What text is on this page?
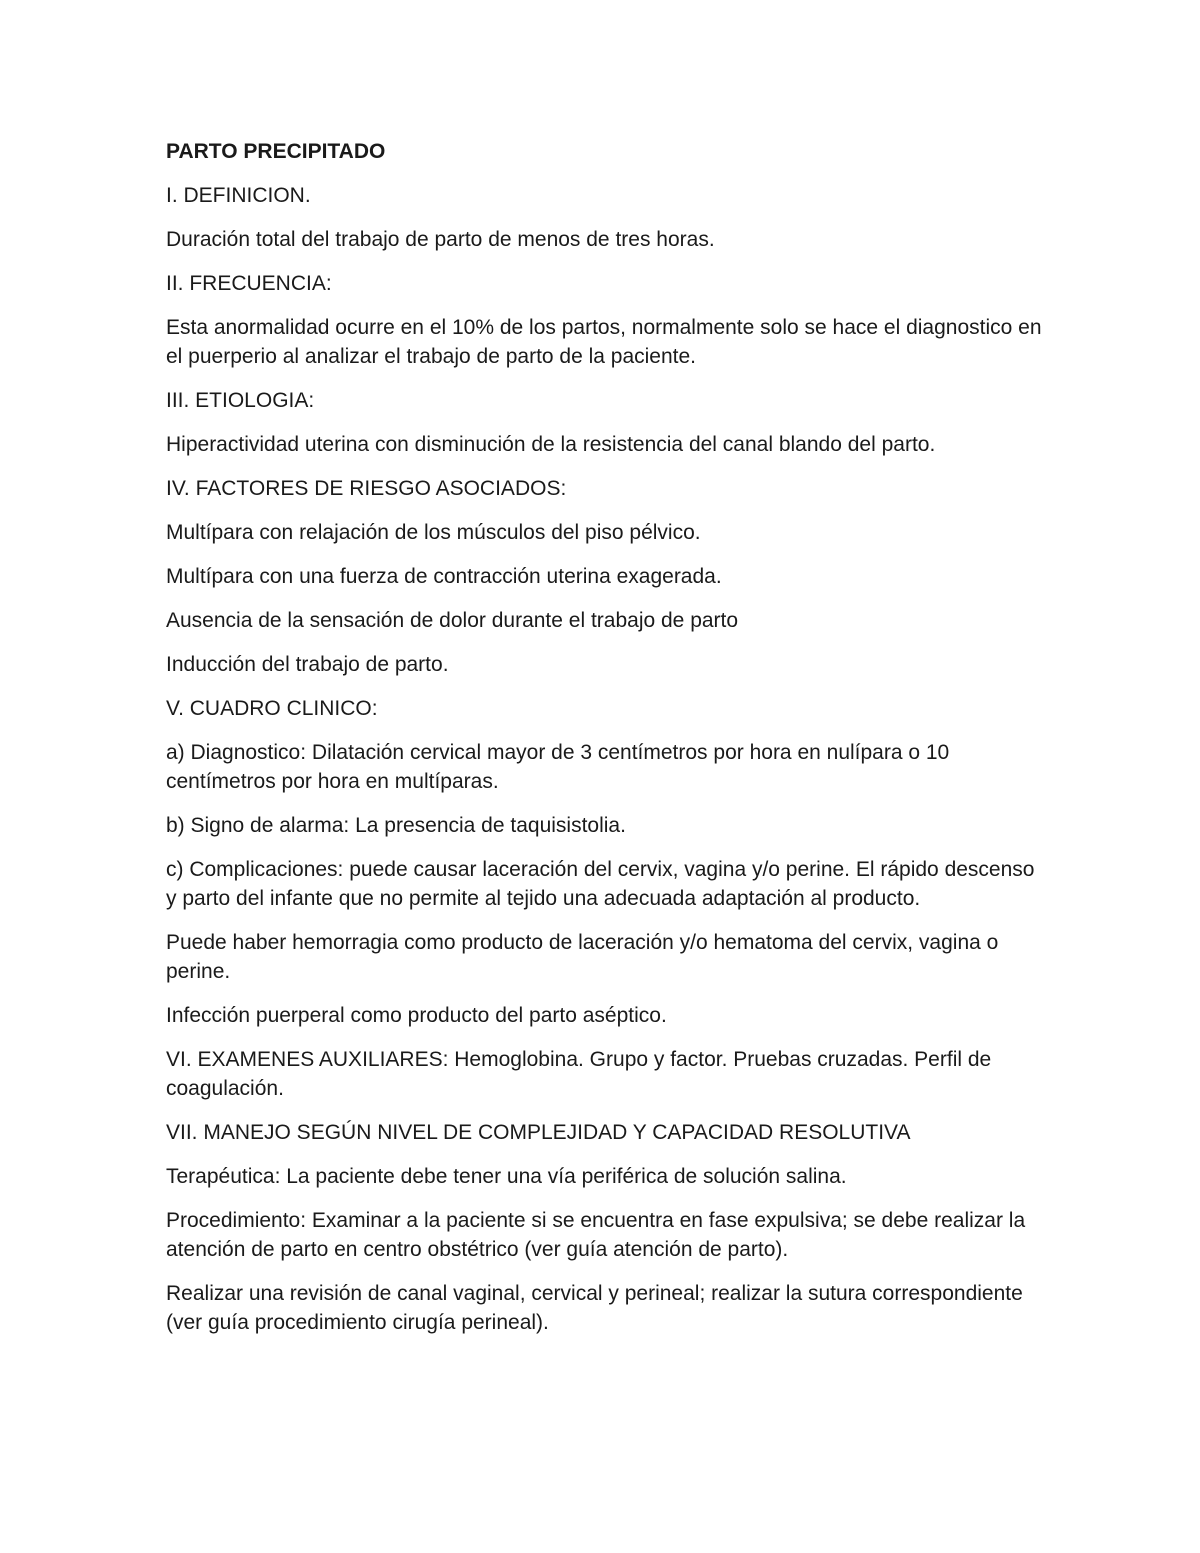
PARTO PRECIPITADO

I. DEFINICION.

Duración total del trabajo de parto de menos de tres horas.

II. FRECUENCIA:

Esta anormalidad ocurre en el 10% de los partos, normalmente solo se hace el diagnostico en el puerperio al analizar el trabajo de parto de la paciente.

III. ETIOLOGIA:

Hiperactividad uterina con disminución de la resistencia del canal blando del parto.

IV. FACTORES DE RIESGO ASOCIADOS:

Multípara con relajación de los músculos del piso pélvico.

Multípara con una fuerza de contracción uterina exagerada.

Ausencia de la sensación de dolor durante el trabajo de parto

Inducción del trabajo de parto.

V. CUADRO CLINICO:

a) Diagnostico: Dilatación cervical mayor de 3 centímetros por hora en nulípara o 10 centímetros por hora en multíparas.

b) Signo de alarma: La presencia de taquisistolia.

c) Complicaciones: puede causar laceración del cervix, vagina y/o perine. El rápido descenso y parto del infante que no permite al tejido una adecuada adaptación al producto.

Puede haber hemorragia como producto de laceración y/o hematoma del cervix, vagina o perine.

Infección puerperal como producto del parto aséptico.

VI. EXAMENES AUXILIARES: Hemoglobina. Grupo y factor. Pruebas cruzadas. Perfil de coagulación.

VII. MANEJO SEGÚN NIVEL DE COMPLEJIDAD Y CAPACIDAD RESOLUTIVA

Terapéutica: La paciente debe tener una vía periférica de solución salina.

Procedimiento: Examinar a la paciente si se encuentra en fase expulsiva; se debe realizar la atención de parto en centro obstétrico (ver guía atención de parto).

Realizar una revisión de canal vaginal, cervical y perineal; realizar la sutura correspondiente (ver guía procedimiento cirugía perineal).
